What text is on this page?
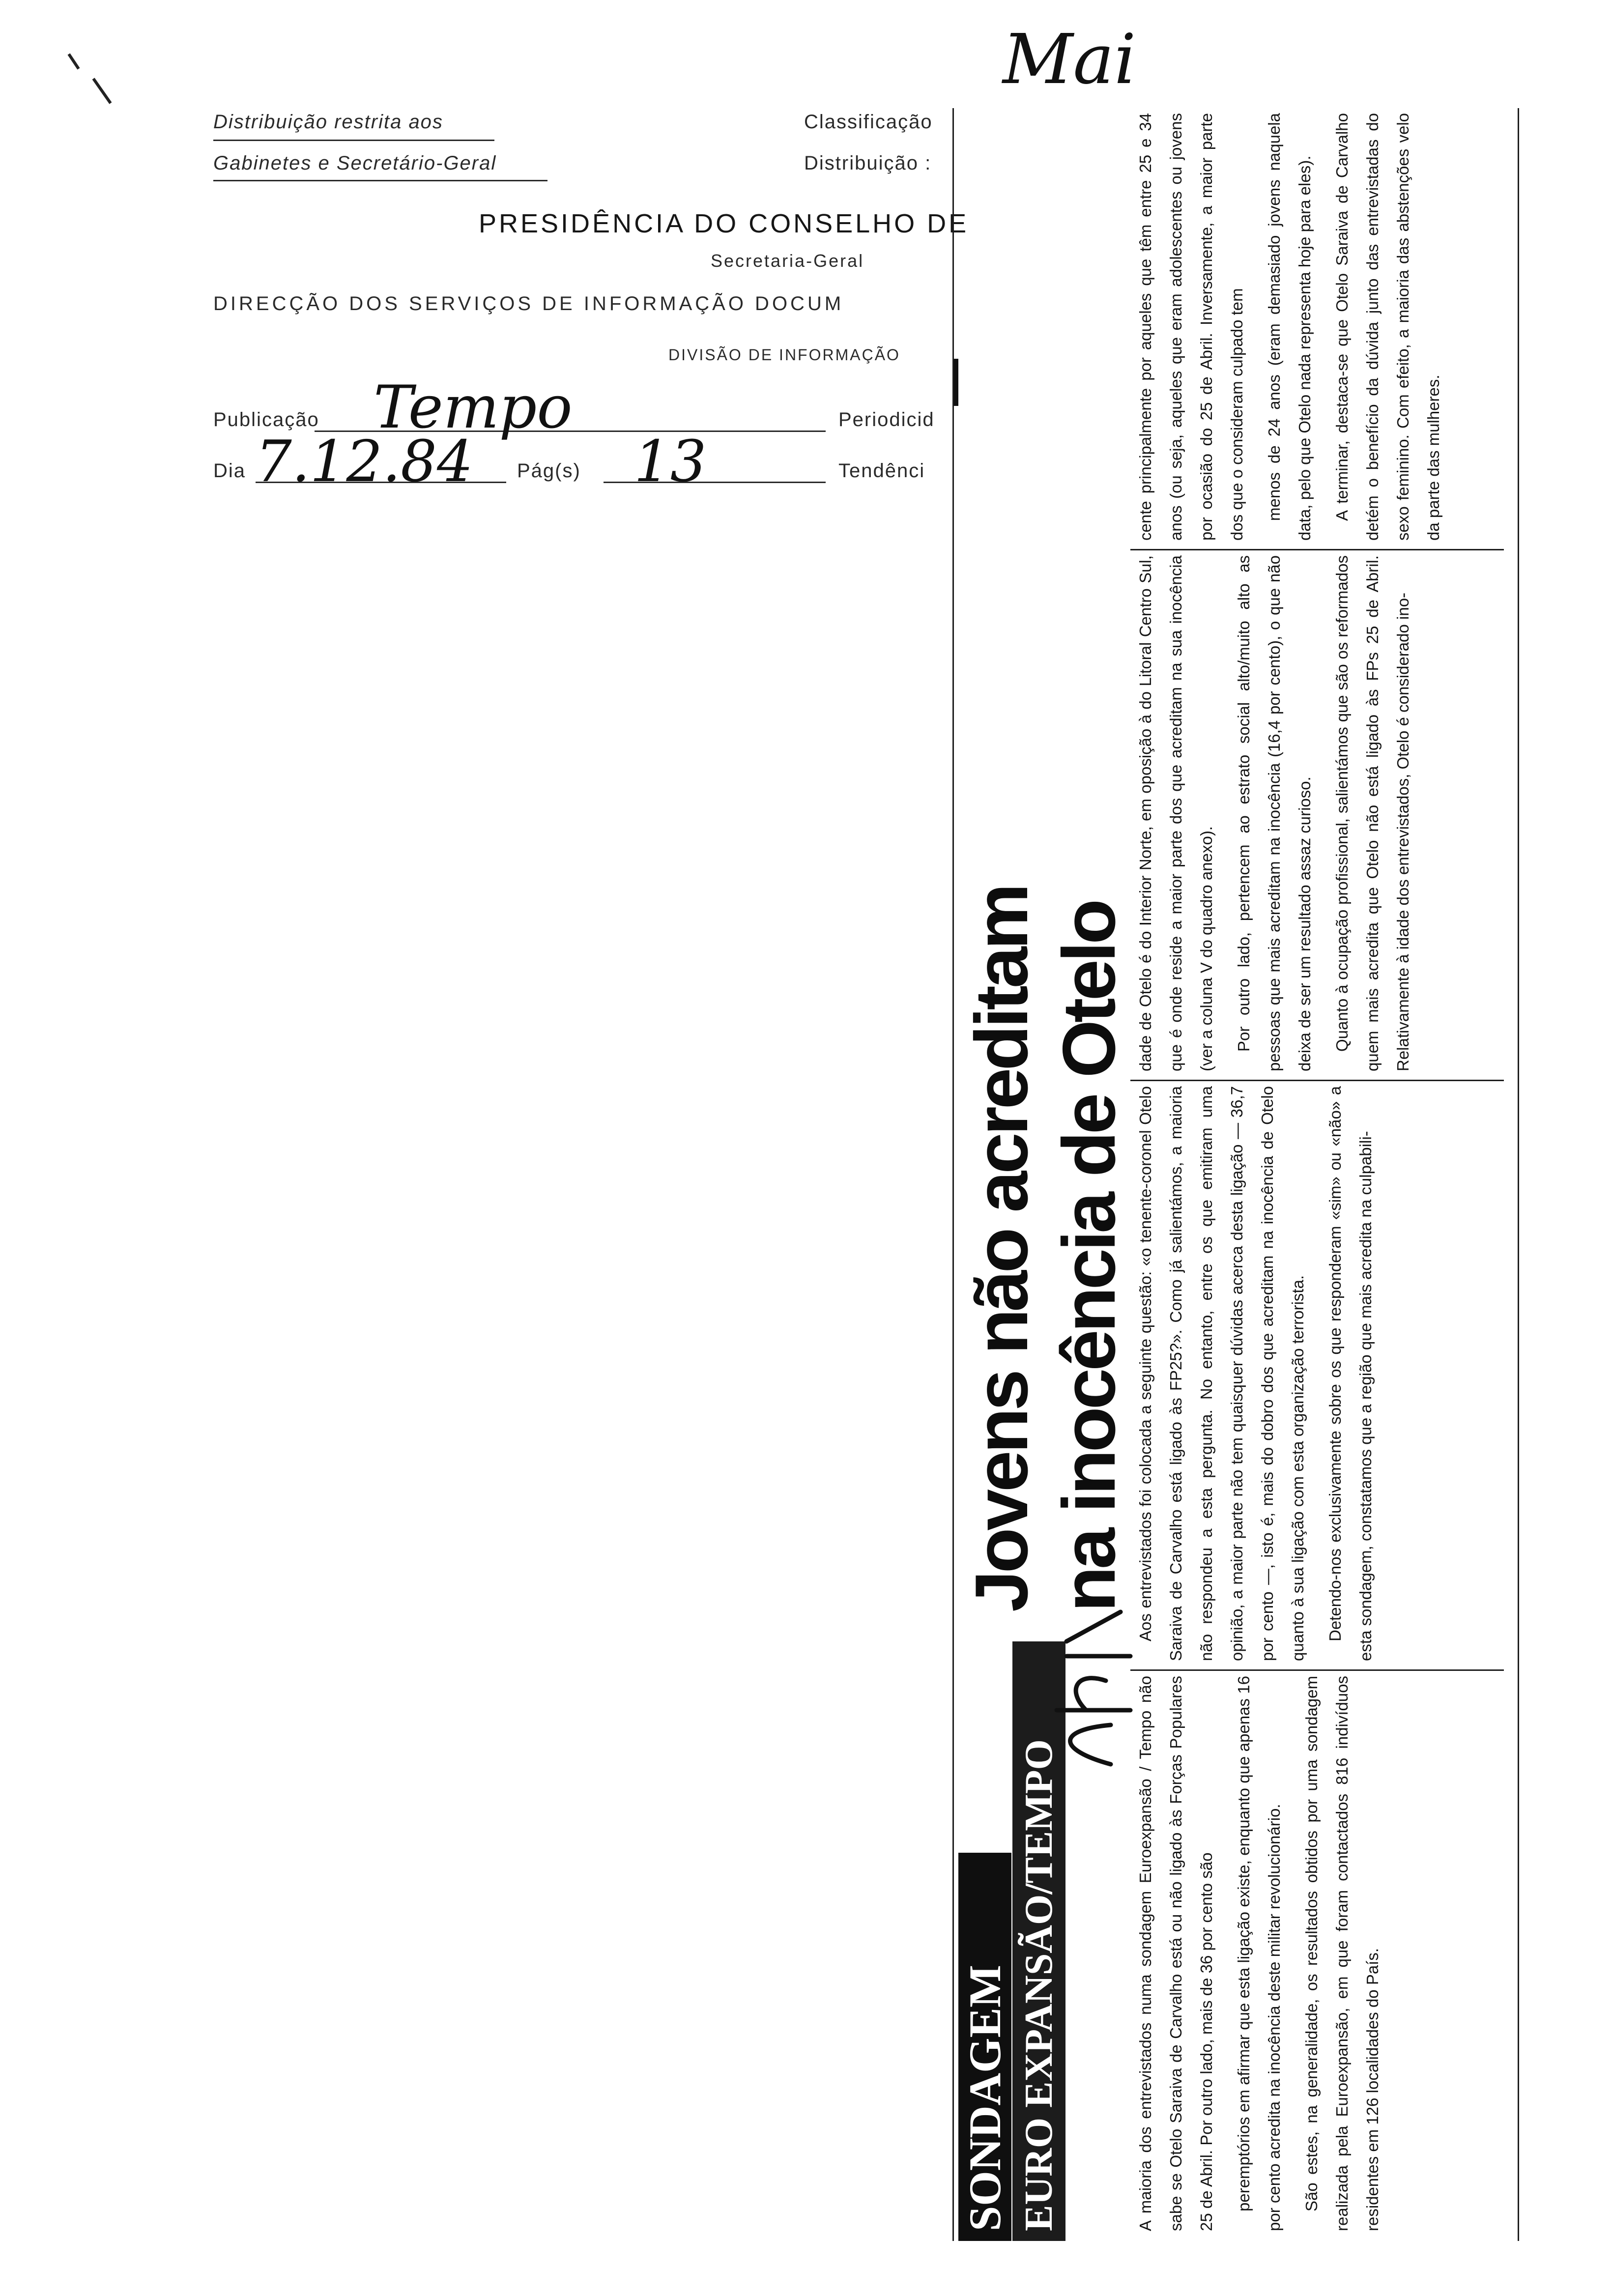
Distribuição restrita aos
Gabinetes e Secretário-Geral
Classificação
Distribuição :
PRESIDÊNCIA DO CONSELHO DE
Secretaria-Geral
DIRECÇÃO DOS SERVIÇOS DE INFORMAÇÃO DOCUM
DIVISÃO DE INFORMAÇÃO
Publicação Tempo	Periodicid
Dia 7.12.84 Pág(s) 13	Tendênci
Mai
SONDAGEM EURO EXPANSÃO/TEMPO
Jovens não acreditam na inocência de Otelo

A maioria dos entrevistados numa sondagem Euroexpansão / Tempo não sabe se Otelo Saraiva de Carvalho está ou não ligado às Forças Populares 25 de Abril. Por outro lado, mais de 36 por cento são	peremptórios em afirmar que esta ligação existe, enquanto que apenas 16 por cento acredita na inocência deste militar revolucionário.	São estes, na generalidade, os resultados obtidos por uma sondagem realizada pela Euroexpansão, em que foram contactados 816 indivíduos residentes em 126 localidades do País.

Aos entrevistados foi colocada a seguinte questão: «o tenente-coronel Otelo Saraiva de Carvalho está ligado às FP25?». Como já salientámos, a maioria não respondeu a esta pergunta. No entanto, entre os que emitiram uma opinião, a maior parte não tem quaisquer dúvidas acerca desta ligação — 36,7 por cento —, isto é, mais do dobro dos que acreditam na inocência de Otelo quanto à sua ligação com esta organização terrorista.	Detendo-nos exclusivamente sobre os que responderam «sim» ou «não» a esta sondagem, constatamos que a região que mais acredita na culpabili-

dade de Otelo é do Interior Norte, em oposição à do Litoral Centro Sul, que é onde reside a maior parte dos que acreditam na sua inocência (ver a coluna V do quadro anexo).	Por outro lado, pertencem ao estrato social alto/muito alto as pessoas que mais acreditam na inocência (16,4 por cento), o que não deixa de ser um resultado assaz curioso.	Quanto à ocupação profissional, salientámos que são os reformados quem mais acredita que Otelo não está ligado às FPs 25 de Abril. Relativamente à idade dos entrevistados, Otelo é considerado ino-

cente principalmente por aqueles que têm entre 25 e 34 anos (ou seja, aqueles que eram adolescentes ou jovens por ocasião do 25 de Abril. Inversamente, a maior parte dos que o consideram culpado tem	menos de 24 anos (eram demasiado jovens naquela data, pelo que Otelo nada representa hoje para eles).	A terminar, destaca-se que Otelo Saraiva de Carvalho detém o benefício da dúvida junto das entrevistadas do sexo feminino. Com efeito, a maioria das abstenções velo da parte das mulheres.
